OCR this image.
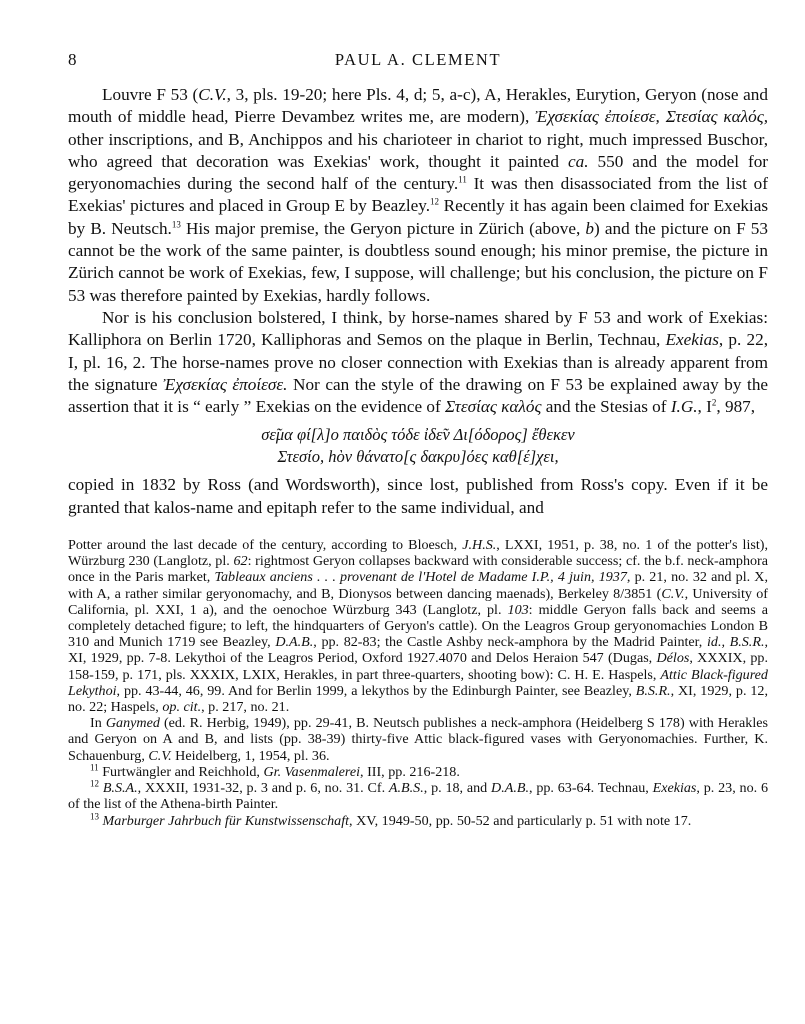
8	PAUL A. CLEMENT

Louvre F 53 (C.V., 3, pls. 19-20; here Pls. 4, d; 5, a-c), A, Herakles, Eurytion, Geryon (nose and mouth of middle head, Pierre Devambez writes me, are modern), Ἐχσεκίας ἐποίεσε, Στεσίας καλός, other inscriptions, and B, Anchippos and his charioteer in chariot to right, much impressed Buschor, who agreed that decoration was Exekias' work, thought it painted ca. 550 and the model for geryonomachies during the second half of the century.$^{11}$ It was then disassociated from the list of Exekias' pictures and placed in Group E by Beazley.$^{12}$ Recently it has again been claimed for Exekias by B. Neutsch.$^{13}$ His major premise, the Geryon picture in Zürich (above, b) and the picture on F 53 cannot be the work of the same painter, is doubtless sound enough; his minor premise, the picture in Zürich cannot be work of Exekias, few, I suppose, will challenge; but his conclusion, the picture on F 53 was therefore painted by Exekias, hardly follows.

Nor is his conclusion bolstered, I think, by horse-names shared by F 53 and work of Exekias: Kalliphora on Berlin 1720, Kalliphoras and Semos on the plaque in Berlin, Technau, Exekias, p. 22, I, pl. 16, 2. The horse-names prove no closer connection with Exekias than is already apparent from the signature Ἐχσεκίας ἐποίεσε. Nor can the style of the drawing on F 53 be explained away by the assertion that it is “ early ” Exekias on the evidence of Στεσίας καλός and the Stesias of I.G., $I^2$, 987,

σε̃μα φί[λ]ο παιδὸς τόδε ἰδε̃ν Δι[όδορος] ἔθεκεν
Στεσίο, hὸν θάνατο[ς δακρυ]όες καθ[έ]χει,

copied in 1832 by Ross (and Wordsworth), since lost, published from Ross's copy. Even if it be granted that kalos-name and epitaph refer to the same individual, and

Potter around the last decade of the century, according to Bloesch, J.H.S., LXXI, 1951, p. 38, no. 1 of the potter's list), Würzburg 230 (Langlotz, pl. 62: rightmost Geryon collapses backward with considerable success; cf. the b.f. neck-amphora once in the Paris market, Tableaux anciens . . . provenant de l'Hotel de Madame I.P., 4 juin, 1937, p. 21, no. 32 and pl. X, with A, a rather similar geryonomachy, and B, Dionysos between dancing maenads), Berkeley 8/3851 (C.V., University of California, pl. XXI, 1 a), and the oenochoe Würzburg 343 (Langlotz, pl. 103: middle Geryon falls back and seems a completely detached figure; to left, the hindquarters of Geryon's cattle). On the Leagros Group geryonomachies London B 310 and Munich 1719 see Beazley, D.A.B., pp. 82-83; the Castle Ashby neck-amphora by the Madrid Painter, id., B.S.R., XI, 1929, pp. 7-8. Lekythoi of the Leagros Period, Oxford 1927.4070 and Delos Heraion 547 (Dugas, Délos, XXXIX, pp. 158-159, p. 171, pls. XXXIX, LXIX, Herakles, in part three-quarters, shooting bow): C. H. E. Haspels, Attic Black-figured Lekythoi, pp. 43-44, 46, 99. And for Berlin 1999, a lekythos by the Edinburgh Painter, see Beazley, B.S.R., XI, 1929, p. 12, no. 22; Haspels, op. cit., p. 217, no. 21.

In Ganymed (ed. R. Herbig, 1949), pp. 29-41, B. Neutsch publishes a neck-amphora (Heidelberg S 178) with Herakles and Geryon on A and B, and lists (pp. 38-39) thirty-five Attic black-figured vases with Geryonomachies. Further, K. Schauenburg, C.V. Heidelberg, 1, 1954, pl. 36.

$^{11}$ Furtwängler and Reichhold, Gr. Vasenmalerei, III, pp. 216-218.

$^{12}$ B.S.A., XXXII, 1931-32, p. 3 and p. 6, no. 31. Cf. A.B.S., p. 18, and D.A.B., pp. 63-64. Technau, Exekias, p. 23, no. 6 of the list of the Athena-birth Painter.

$^{13}$ Marburger Jahrbuch für Kunstwissenschaft, XV, 1949-50, pp. 50-52 and particularly p. 51 with note 17.
